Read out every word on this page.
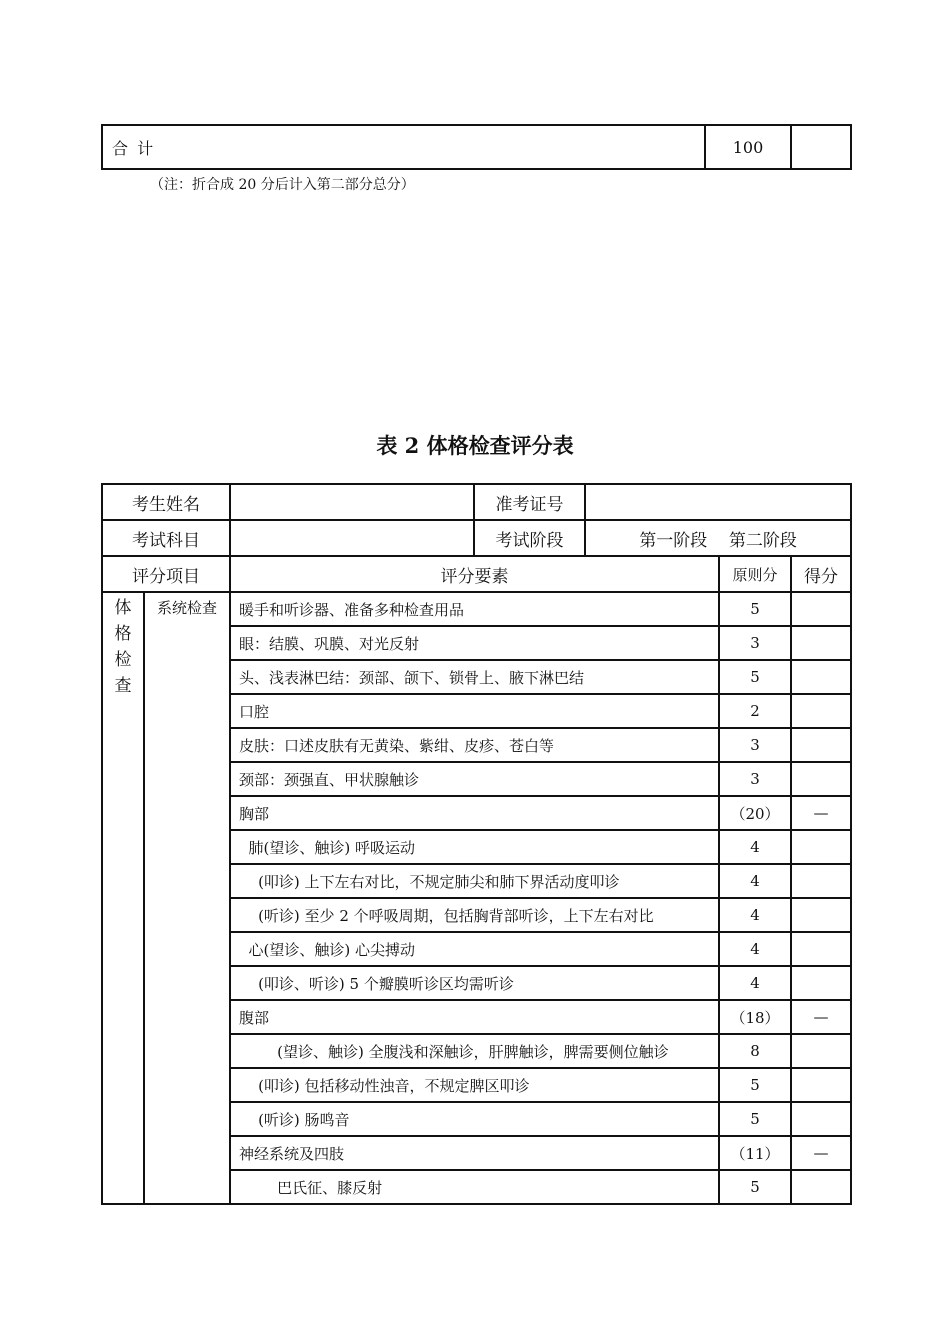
合 计	100	
（注：折合成 20 分后计入第二部分总分）
表 2 体格检查评分表
考生姓名			准考证号			
考试科目			考试阶段	第一阶段    第二阶段		
评分项目		评分要素			原则分	得分

体
格
检
查	系统检查	暖手和听诊器、准备多种检查用品			5	
		眼：结膜、巩膜、对光反射			3	
		头、浅表淋巴结：颈部、颌下、锁骨上、腋下淋巴结			5	
		口腔			2	
		皮肤：口述皮肤有无黄染、紫绀、皮疹、苍白等			3	
		颈部：颈强直、甲状腺触诊			3	
		胸部			（20）	—
		肺(望诊、触诊) 呼吸运动			4	
		(叩诊) 上下左右对比，不规定肺尖和肺下界活动度叩诊			4	
		(听诊) 至少 2 个呼吸周期，包括胸背部听诊，上下左右对比			4	
		心(望诊、触诊) 心尖搏动			4	
		(叩诊、听诊) 5 个瓣膜听诊区均需听诊			4	
		腹部			（18）	—
		(望诊、触诊) 全腹浅和深触诊，肝脾触诊，脾需要侧位触诊			8	
		(叩诊) 包括移动性浊音，不规定脾区叩诊			5	
		(听诊) 肠鸣音			5	
		神经系统及四肢			（11）	—
		巴氏征、膝反射			5	
